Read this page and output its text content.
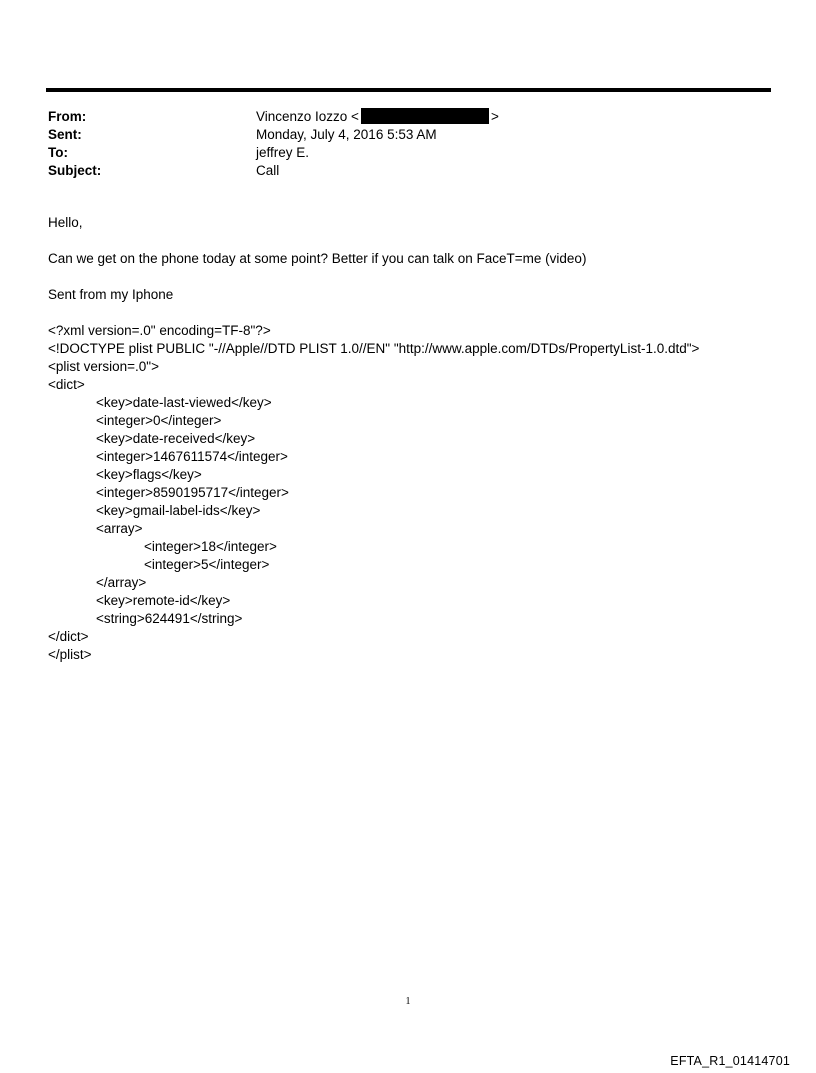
From:	Vincenzo Iozzo <	>
Sent:	Monday, July 4, 2016 5:53 AM
To:	jeffrey E.
Subject:	Call
Hello,
Can we get on the phone today at some point? Better if you can talk on FaceT=me (video)
Sent from my Iphone
<?xml version=.0" encoding=TF-8"?>
<!DOCTYPE plist PUBLIC "-//Apple//DTD PLIST 1.0//EN" "http://www.apple.com/DTDs/PropertyList-1.0.dtd">
<plist version=.0">
<dict>
<key>date-last-viewed</key>
<integer>0</integer>
<key>date-received</key>
<integer>1467611574</integer>
<key>flags</key>
<integer>8590195717</integer>
<key>gmail-label-ids</key>
<array>
<integer>18</integer>
<integer>5</integer>
</array>
<key>remote-id</key>
<string>624491</string>
</dict>
</plist>
1
EFTA_R1_01414701
